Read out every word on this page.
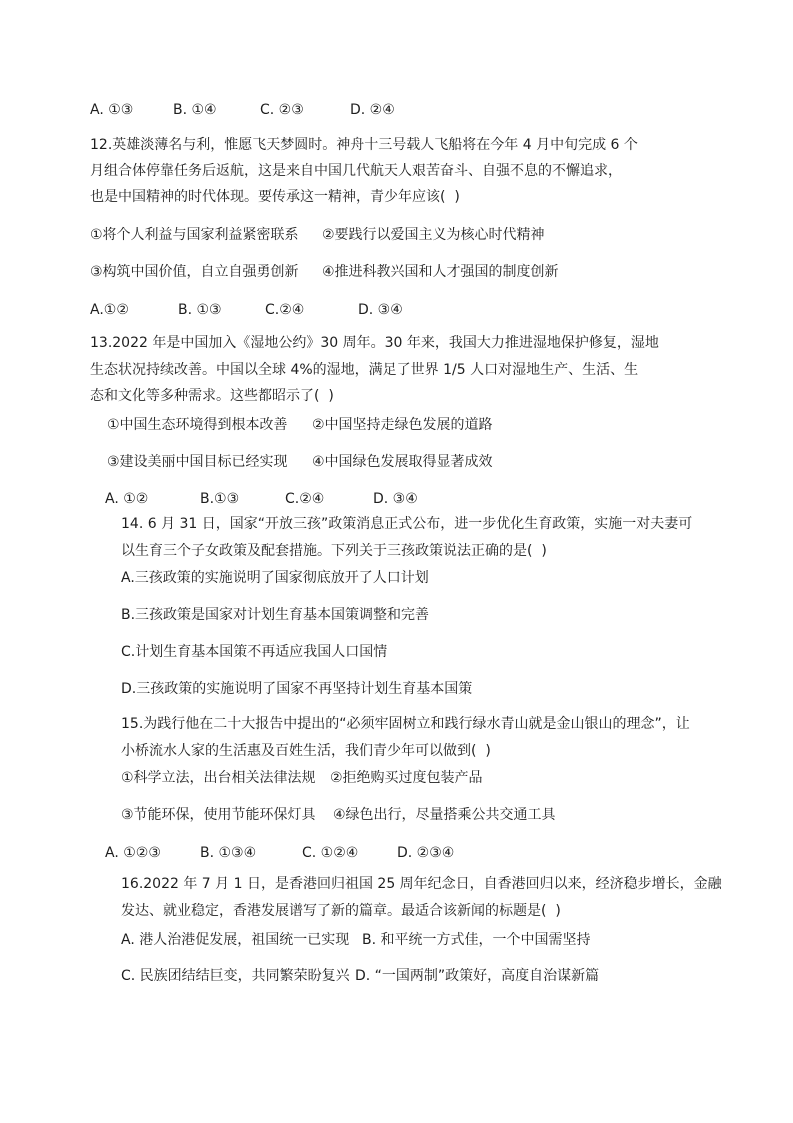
A. ①③	B. ①④	C. ②③	D. ②④
12.英雄淡薄名与利，惟愿飞天梦圆时。神舟十三号载人飞船将在今年 4 月中旬完成 6 个
月组合体停靠任务后返航，这是来自中国几代航天人艰苦奋斗、自强不息的不懈追求，
也是中国精神的时代体现。要传承这一精神，青少年应该(  )
①将个人利益与国家利益紧密联系 ②要践行以爱国主义为核心时代精神
③构筑中国价值，自立自强勇创新 ④推进科教兴国和人才强国的制度创新
A.①②	B. ①③	C.②④	D. ③④
13.2022 年是中国加入《湿地公约》30 周年。30 年来，我国大力推进湿地保护修复，湿地
生态状况持续改善。中国以全球 4%的湿地，满足了世界 1/5 人口对湿地生产、生活、生
态和文化等多种需求。这些都昭示了(  )
①中国生态环境得到根本改善 ②中国坚持走绿色发展的道路
③建设美丽中国目标已经实现 ④中国绿色发展取得显著成效
A. ①②	B.①③	C.②④	D. ③④
14. 6 月 31 日，国家“开放三孩”政策消息正式公布，进一步优化生育政策，实施一对夫妻可
以生育三个子女政策及配套措施。下列关于三孩政策说法正确的是(  )
A.三孩政策的实施说明了国家彻底放开了人口计划
B.三孩政策是国家对计划生育基本国策调整和完善
C.计划生育基本国策不再适应我国人口国情
D.三孩政策的实施说明了国家不再坚持计划生育基本国策
15.为践行他在二十大报告中提出的“必须牢固树立和践行绿水青山就是金山银山的理念”，让
小桥流水人家的生活惠及百姓生活，我们青少年可以做到(  )
①科学立法，出台相关法律法规 ②拒绝购买过度包装产品
③节能环保，使用节能环保灯具 ④绿色出行，尽量搭乘公共交通工具
A. ①②③	B. ①③④	C. ①②④	D. ②③④
16.2022 年 7 月 1 日，是香港回归祖国 25 周年纪念日，自香港回归以来，经济稳步增长，金融
发达、就业稳定，香港发展谱写了新的篇章。最适合该新闻的标题是(  )
A. 港人治港促发展，祖国统一已实现 B. 和平统一方式佳，一个中国需坚持
C. 民族团结结巨变，共同繁荣盼复兴 D. “一国两制”政策好，高度自治谋新篇
